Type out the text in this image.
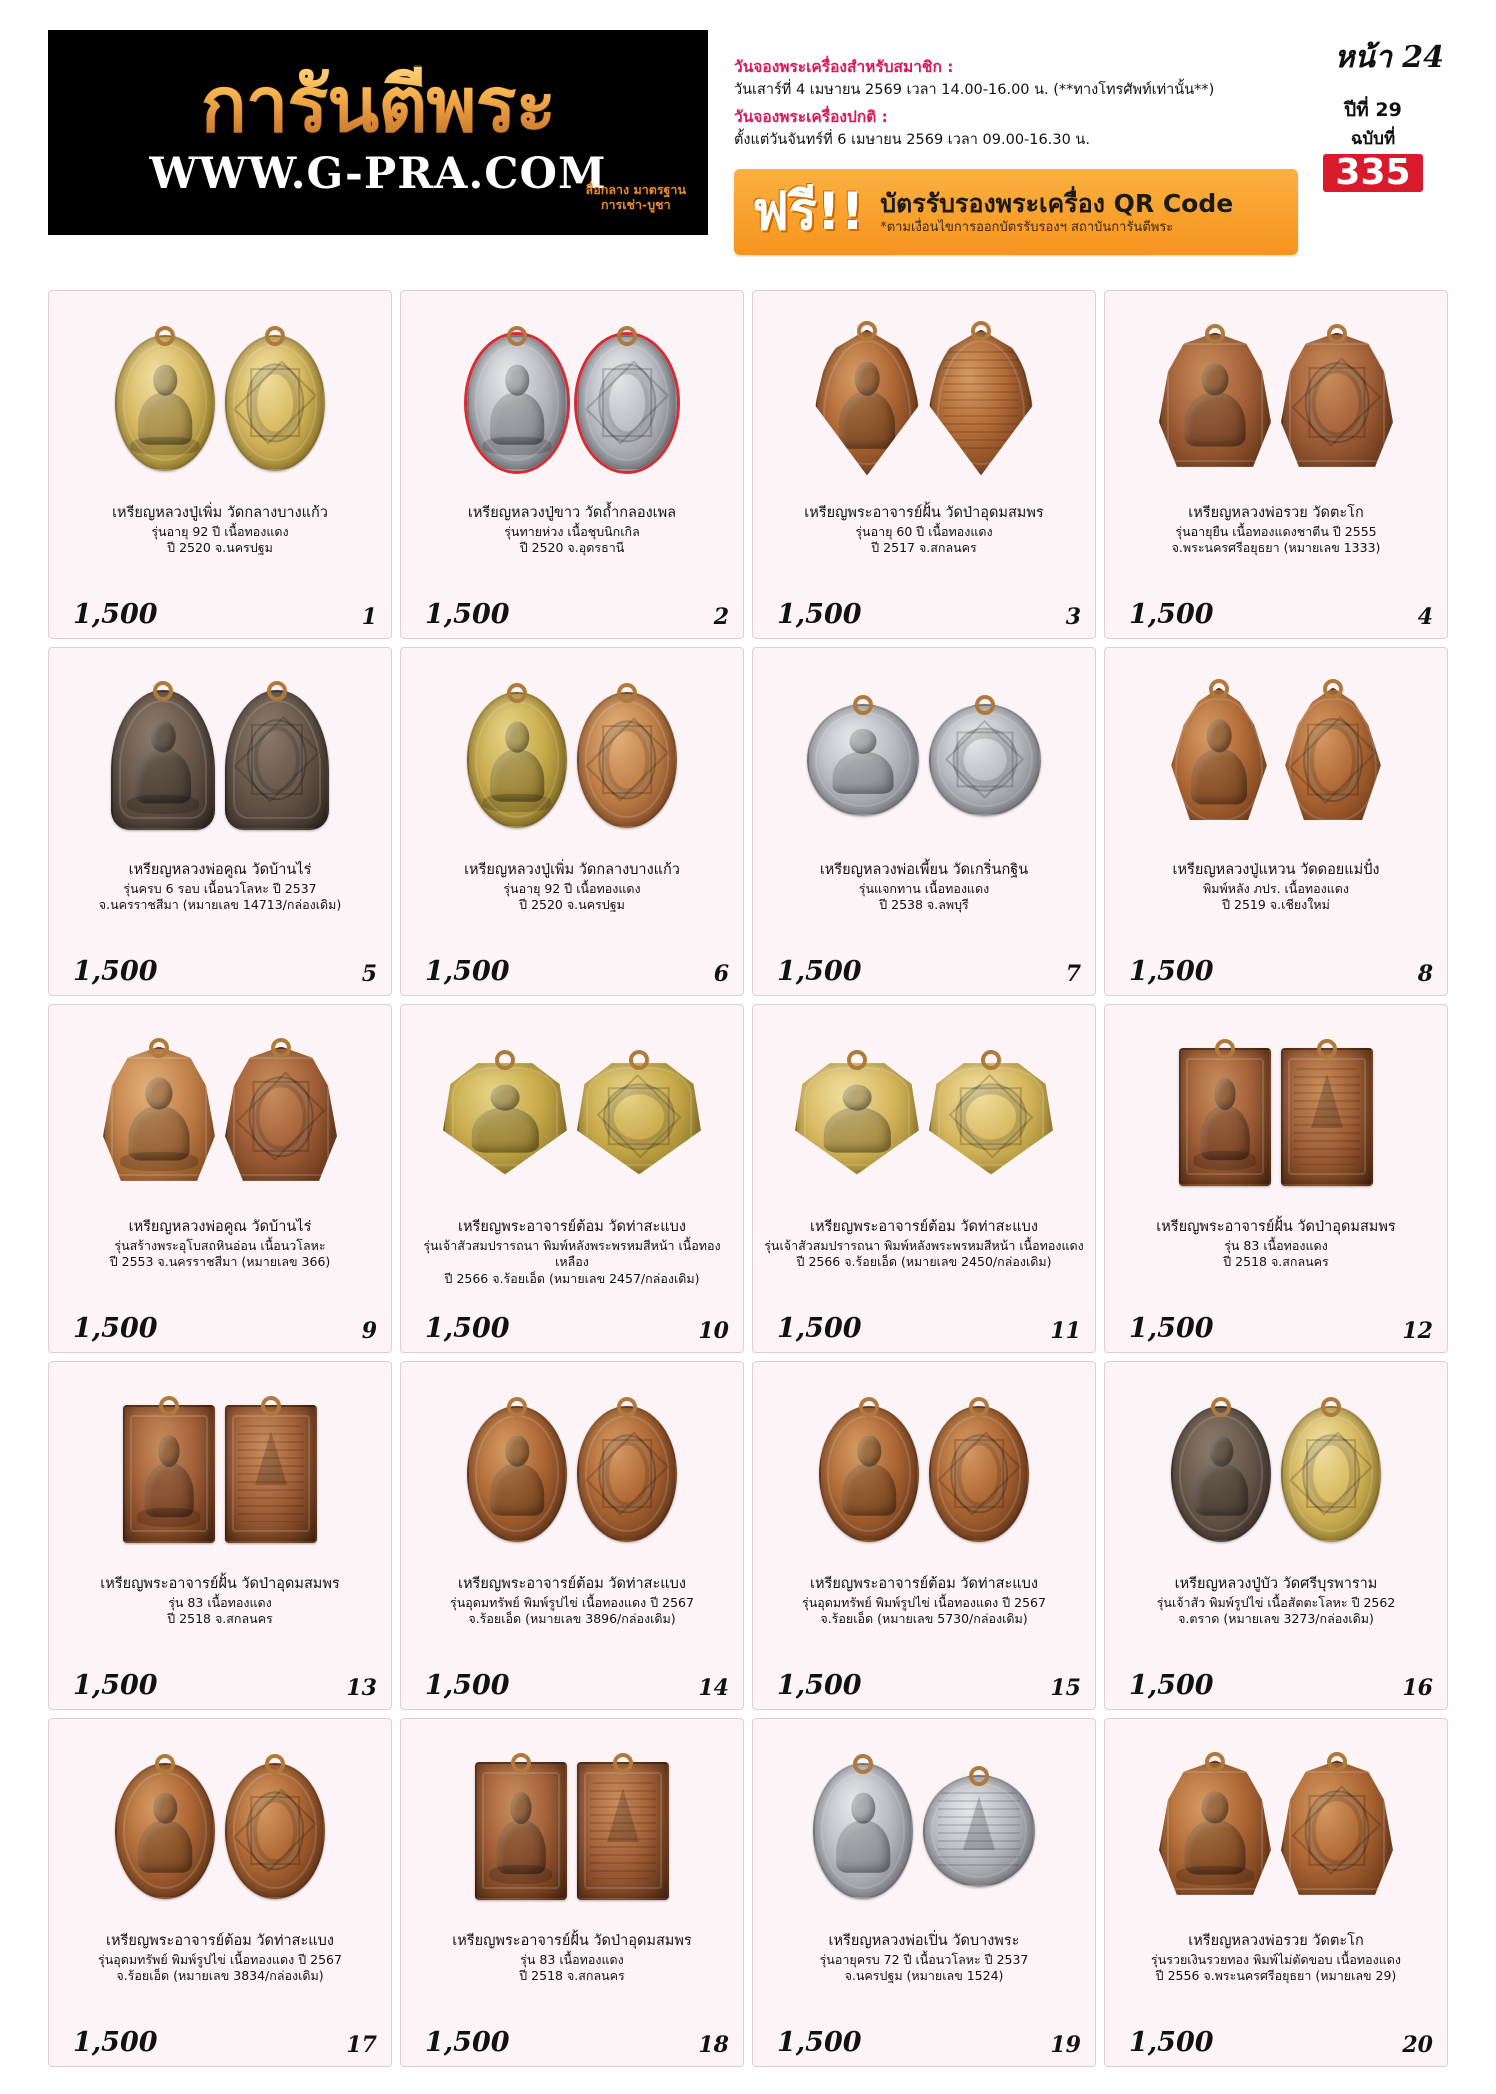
การันตีพระ
WWW.G-PRA.COM
สื่อกลาง มาตรฐาน
การเช่า-บูชา
วันจองพระเครื่องสำหรับสมาชิก :
วันเสาร์ที่ 4 เมษายน 2569 เวลา 14.00-16.00 น. (**ทางโทรศัพท์เท่านั้น**)
วันจองพระเครื่องปกติ :
ตั้งแต่วันจันทร์ที่ 6 เมษายน 2569 เวลา 09.00-16.30 น.
ฟรี!! บัตรรับรองพระเครื่อง QR Code
*ตามเงื่อนไขการออกบัตรรับรองฯ สถาบันการันตีพระ
หน้า 24
ปีที่ 29
ฉบับที่
335
เหรียญหลวงปู่เพิ่ม วัดกลางบางแก้ว
รุ่นอายุ 92 ปี เนื้อทองแดง
ปี 2520 จ.นครปฐม
1,500	1
เหรียญหลวงปู่ขาว วัดถ้ำกลองเพล
รุ่นทายห่วง เนื้อชุบนิกเกิล
ปี 2520 จ.อุดรธานี
1,500	2
เหรียญพระอาจารย์ฝั้น วัดป่าอุดมสมพร
รุ่นอายุ 60 ปี เนื้อทองแดง
ปี 2517 จ.สกลนคร
1,500	3
เหรียญหลวงพ่อรวย วัดตะโก
รุ่นอายุยืน เนื้อทองแดงชาตีน ปี 2555
จ.พระนครศรีอยุธยา (หมายเลข 1333)
1,500	4
เหรียญหลวงพ่อคูณ วัดบ้านไร่
รุ่นครบ 6 รอบ เนื้อนวโลหะ ปี 2537
จ.นครราชสีมา (หมายเลข 14713/กล่องเดิม)
1,500	5
เหรียญหลวงปู่เพิ่ม วัดกลางบางแก้ว
รุ่นอายุ 92 ปี เนื้อทองแดง
ปี 2520 จ.นครปฐม
1,500	6
เหรียญหลวงพ่อเพี้ยน วัดเกริ่นกฐิน
รุ่นแจกทาน เนื้อทองแดง
ปี 2538 จ.ลพบุรี
1,500	7
เหรียญหลวงปู่แหวน วัดดอยแม่ปั๋ง
พิมพ์หลัง ภปร. เนื้อทองแดง
ปี 2519 จ.เชียงใหม่
1,500	8
เหรียญหลวงพ่อคูณ วัดบ้านไร่
รุ่นสร้างพระอุโบสถหินอ่อน เนื้อนวโลหะ
ปี 2553 จ.นครราชสีมา (หมายเลข 366)
1,500	9
เหรียญพระอาจารย์ต้อม วัดท่าสะแบง
รุ่นเจ้าสัวสมปรารถนา พิมพ์หลังพระพรหมสีหน้า เนื้อทองเหลือง
ปี 2566 จ.ร้อยเอ็ด (หมายเลข 2457/กล่องเดิม)
1,500	10
เหรียญพระอาจารย์ต้อม วัดท่าสะแบง
รุ่นเจ้าสัวสมปรารถนา พิมพ์หลังพระพรหมสีหน้า เนื้อทองแดง
ปี 2566 จ.ร้อยเอ็ด (หมายเลข 2450/กล่องเดิม)
1,500	11
เหรียญพระอาจารย์ฝั้น วัดป่าอุดมสมพร
รุ่น 83 เนื้อทองแดง
ปี 2518 จ.สกลนคร
1,500	12
เหรียญพระอาจารย์ฝั้น วัดป่าอุดมสมพร
รุ่น 83 เนื้อทองแดง
ปี 2518 จ.สกลนคร
1,500	13
เหรียญพระอาจารย์ต้อม วัดท่าสะแบง
รุ่นอุดมทรัพย์ พิมพ์รูปไข่ เนื้อทองแดง ปี 2567
จ.ร้อยเอ็ด (หมายเลข 3896/กล่องเดิม)
1,500	14
เหรียญพระอาจารย์ต้อม วัดท่าสะแบง
รุ่นอุดมทรัพย์ พิมพ์รูปไข่ เนื้อทองแดง ปี 2567
จ.ร้อยเอ็ด (หมายเลข 5730/กล่องเดิม)
1,500	15
เหรียญหลวงปู่บัว วัดศรีบุรพาราม
รุ่นเจ้าสัว พิมพ์รูปไข่ เนื้อสัตตะโลหะ ปี 2562
จ.ตราด (หมายเลข 3273/กล่องเดิม)
1,500	16
เหรียญพระอาจารย์ต้อม วัดท่าสะแบง
รุ่นอุดมทรัพย์ พิมพ์รูปไข่ เนื้อทองแดง ปี 2567
จ.ร้อยเอ็ด (หมายเลข 3834/กล่องเดิม)
1,500	17
เหรียญพระอาจารย์ฝั้น วัดป่าอุดมสมพร
รุ่น 83 เนื้อทองแดง
ปี 2518 จ.สกลนคร
1,500	18
เหรียญหลวงพ่อเปิ่น วัดบางพระ
รุ่นอายุครบ 72 ปี เนื้อนวโลหะ ปี 2537
จ.นครปฐม (หมายเลข 1524)
1,500	19
เหรียญหลวงพ่อรวย วัดตะโก
รุ่นรวยเงินรวยทอง พิมพ์ไม่ตัดขอบ เนื้อทองแดง
ปี 2556 จ.พระนครศรีอยุธยา (หมายเลข 29)
1,500	20
